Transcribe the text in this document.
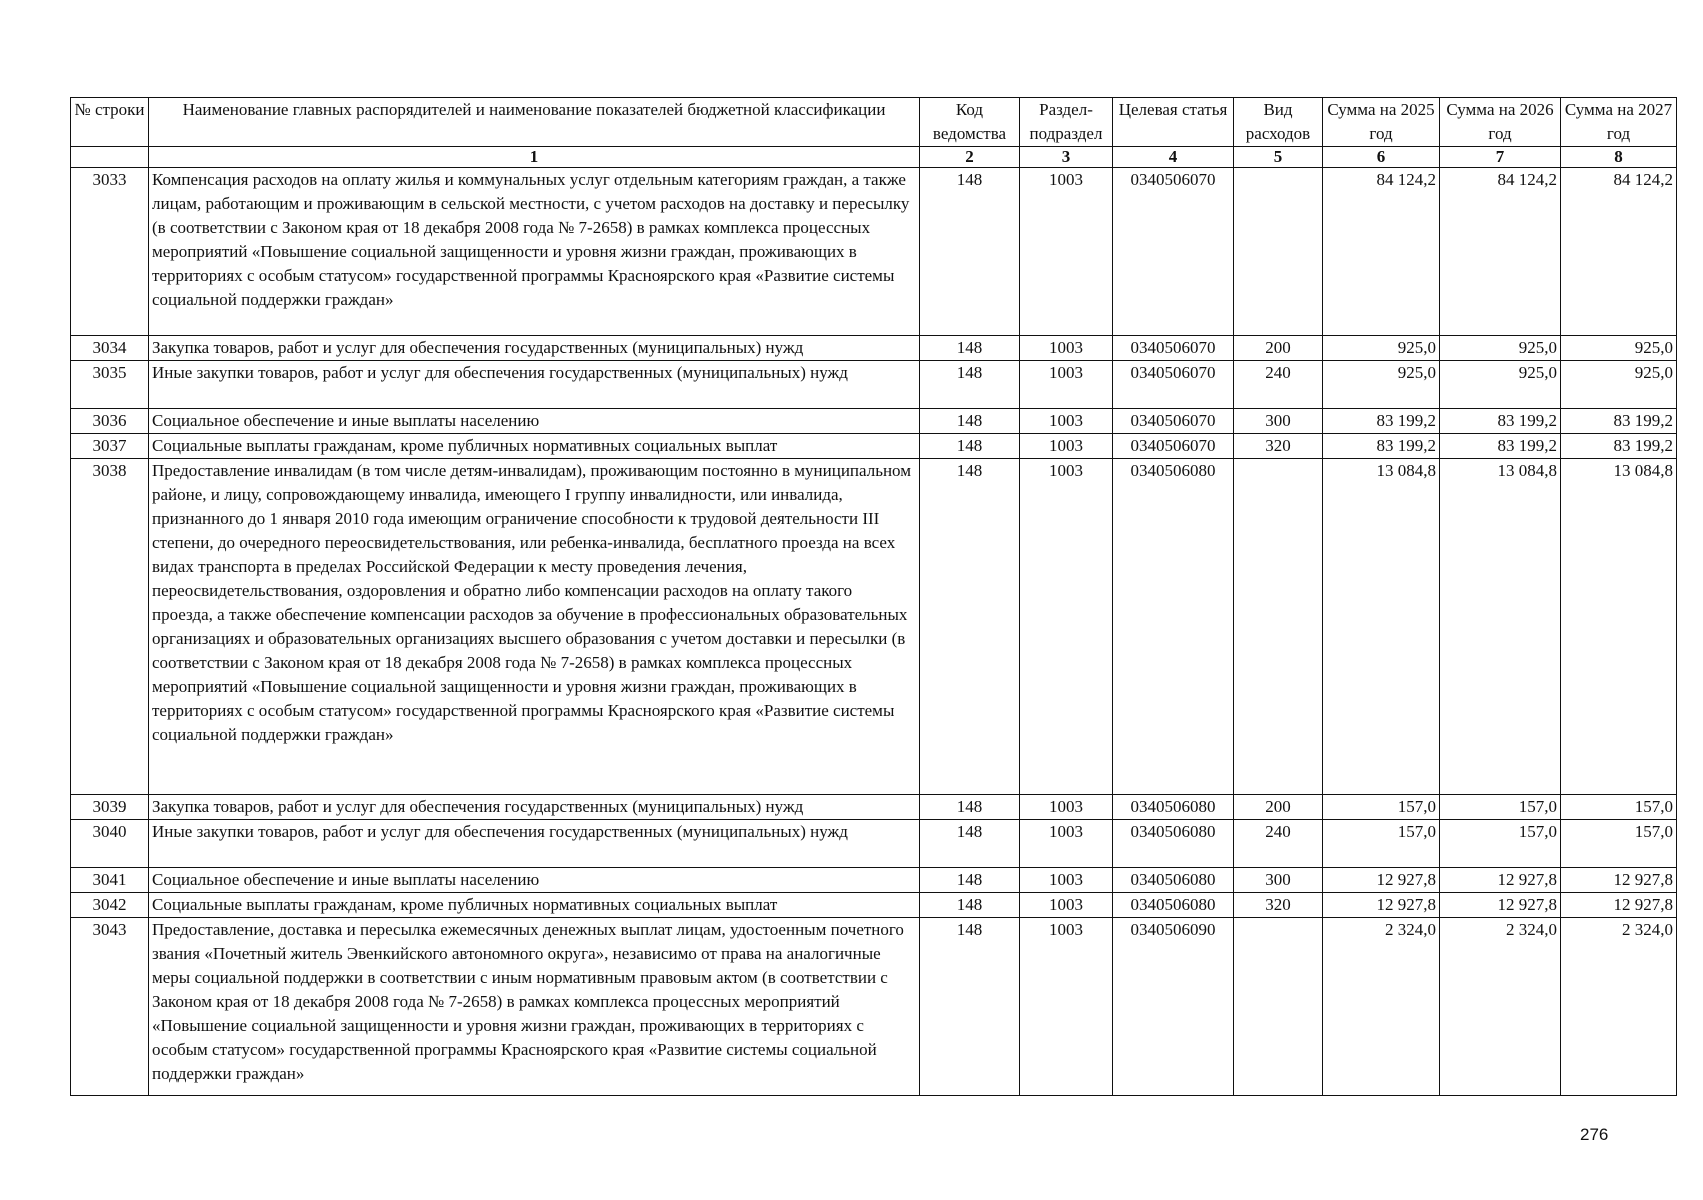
№ строки	Наименование главных распорядителей и наименование показателей бюджетной классификации	Код ведомства	Раздел-подраздел	Целевая статья	Вид расходов	Сумма на 2025 год	Сумма на 2026 год	Сумма на 2027 год
	1	2	3	4	5	6	7	8
3033	Компенсация расходов на оплату жилья и коммунальных услуг отдельным категориям граждан, а также лицам, работающим и проживающим в сельской местности, с учетом расходов на доставку и пересылку (в соответствии с Законом края от 18 декабря 2008 года № 7-2658) в рамках комплекса процессных мероприятий «Повышение социальной защищенности и уровня жизни граждан, проживающих в территориях с особым статусом» государственной программы Красноярского края «Развитие системы социальной поддержки граждан»	148	1003	0340506070		84 124,2	84 124,2	84 124,2
3034	Закупка товаров, работ и услуг для обеспечения государственных (муниципальных) нужд	148	1003	0340506070	200	925,0	925,0	925,0
3035	Иные закупки товаров, работ и услуг для обеспечения государственных (муниципальных) нужд	148	1003	0340506070	240	925,0	925,0	925,0
3036	Социальное обеспечение и иные выплаты населению	148	1003	0340506070	300	83 199,2	83 199,2	83 199,2
3037	Социальные выплаты гражданам, кроме публичных нормативных социальных выплат	148	1003	0340506070	320	83 199,2	83 199,2	83 199,2
3038	Предоставление инвалидам (в том числе детям-инвалидам), проживающим постоянно в муниципальном районе, и лицу, сопровождающему инвалида, имеющего I группу инвалидности, или инвалида, признанного до 1 января 2010 года имеющим ограничение способности к трудовой деятельности III степени, до очередного переосвидетельствования, или ребенка-инвалида, бесплатного проезда на всех видах транспорта в пределах Российской Федерации к месту проведения лечения, переосвидетельствования, оздоровления и обратно либо компенсации расходов на оплату такого проезда, а также обеспечение компенсации расходов за обучение в профессиональных образовательных организациях и образовательных организациях высшего образования с учетом доставки и пересылки (в соответствии с Законом края от 18 декабря 2008 года № 7-2658) в рамках комплекса процессных мероприятий «Повышение социальной защищенности и уровня жизни граждан, проживающих в территориях с особым статусом» государственной программы Красноярского края «Развитие системы социальной поддержки граждан»	148	1003	0340506080		13 084,8	13 084,8	13 084,8
3039	Закупка товаров, работ и услуг для обеспечения государственных (муниципальных) нужд	148	1003	0340506080	200	157,0	157,0	157,0
3040	Иные закупки товаров, работ и услуг для обеспечения государственных (муниципальных) нужд	148	1003	0340506080	240	157,0	157,0	157,0
3041	Социальное обеспечение и иные выплаты населению	148	1003	0340506080	300	12 927,8	12 927,8	12 927,8
3042	Социальные выплаты гражданам, кроме публичных нормативных социальных выплат	148	1003	0340506080	320	12 927,8	12 927,8	12 927,8
3043	Предоставление, доставка и пересылка ежемесячных денежных выплат лицам, удостоенным почетного звания «Почетный житель Эвенкийского автономного округа», независимо от права на аналогичные меры социальной поддержки в соответствии с иным нормативным правовым актом (в соответствии с Законом края от 18 декабря 2008 года № 7-2658) в рамках комплекса процессных мероприятий «Повышение социальной защищенности и уровня жизни граждан, проживающих в территориях с особым статусом» государственной программы Красноярского края «Развитие системы социальной поддержки граждан»	148	1003	0340506090		2 324,0	2 324,0	2 324,0
276
